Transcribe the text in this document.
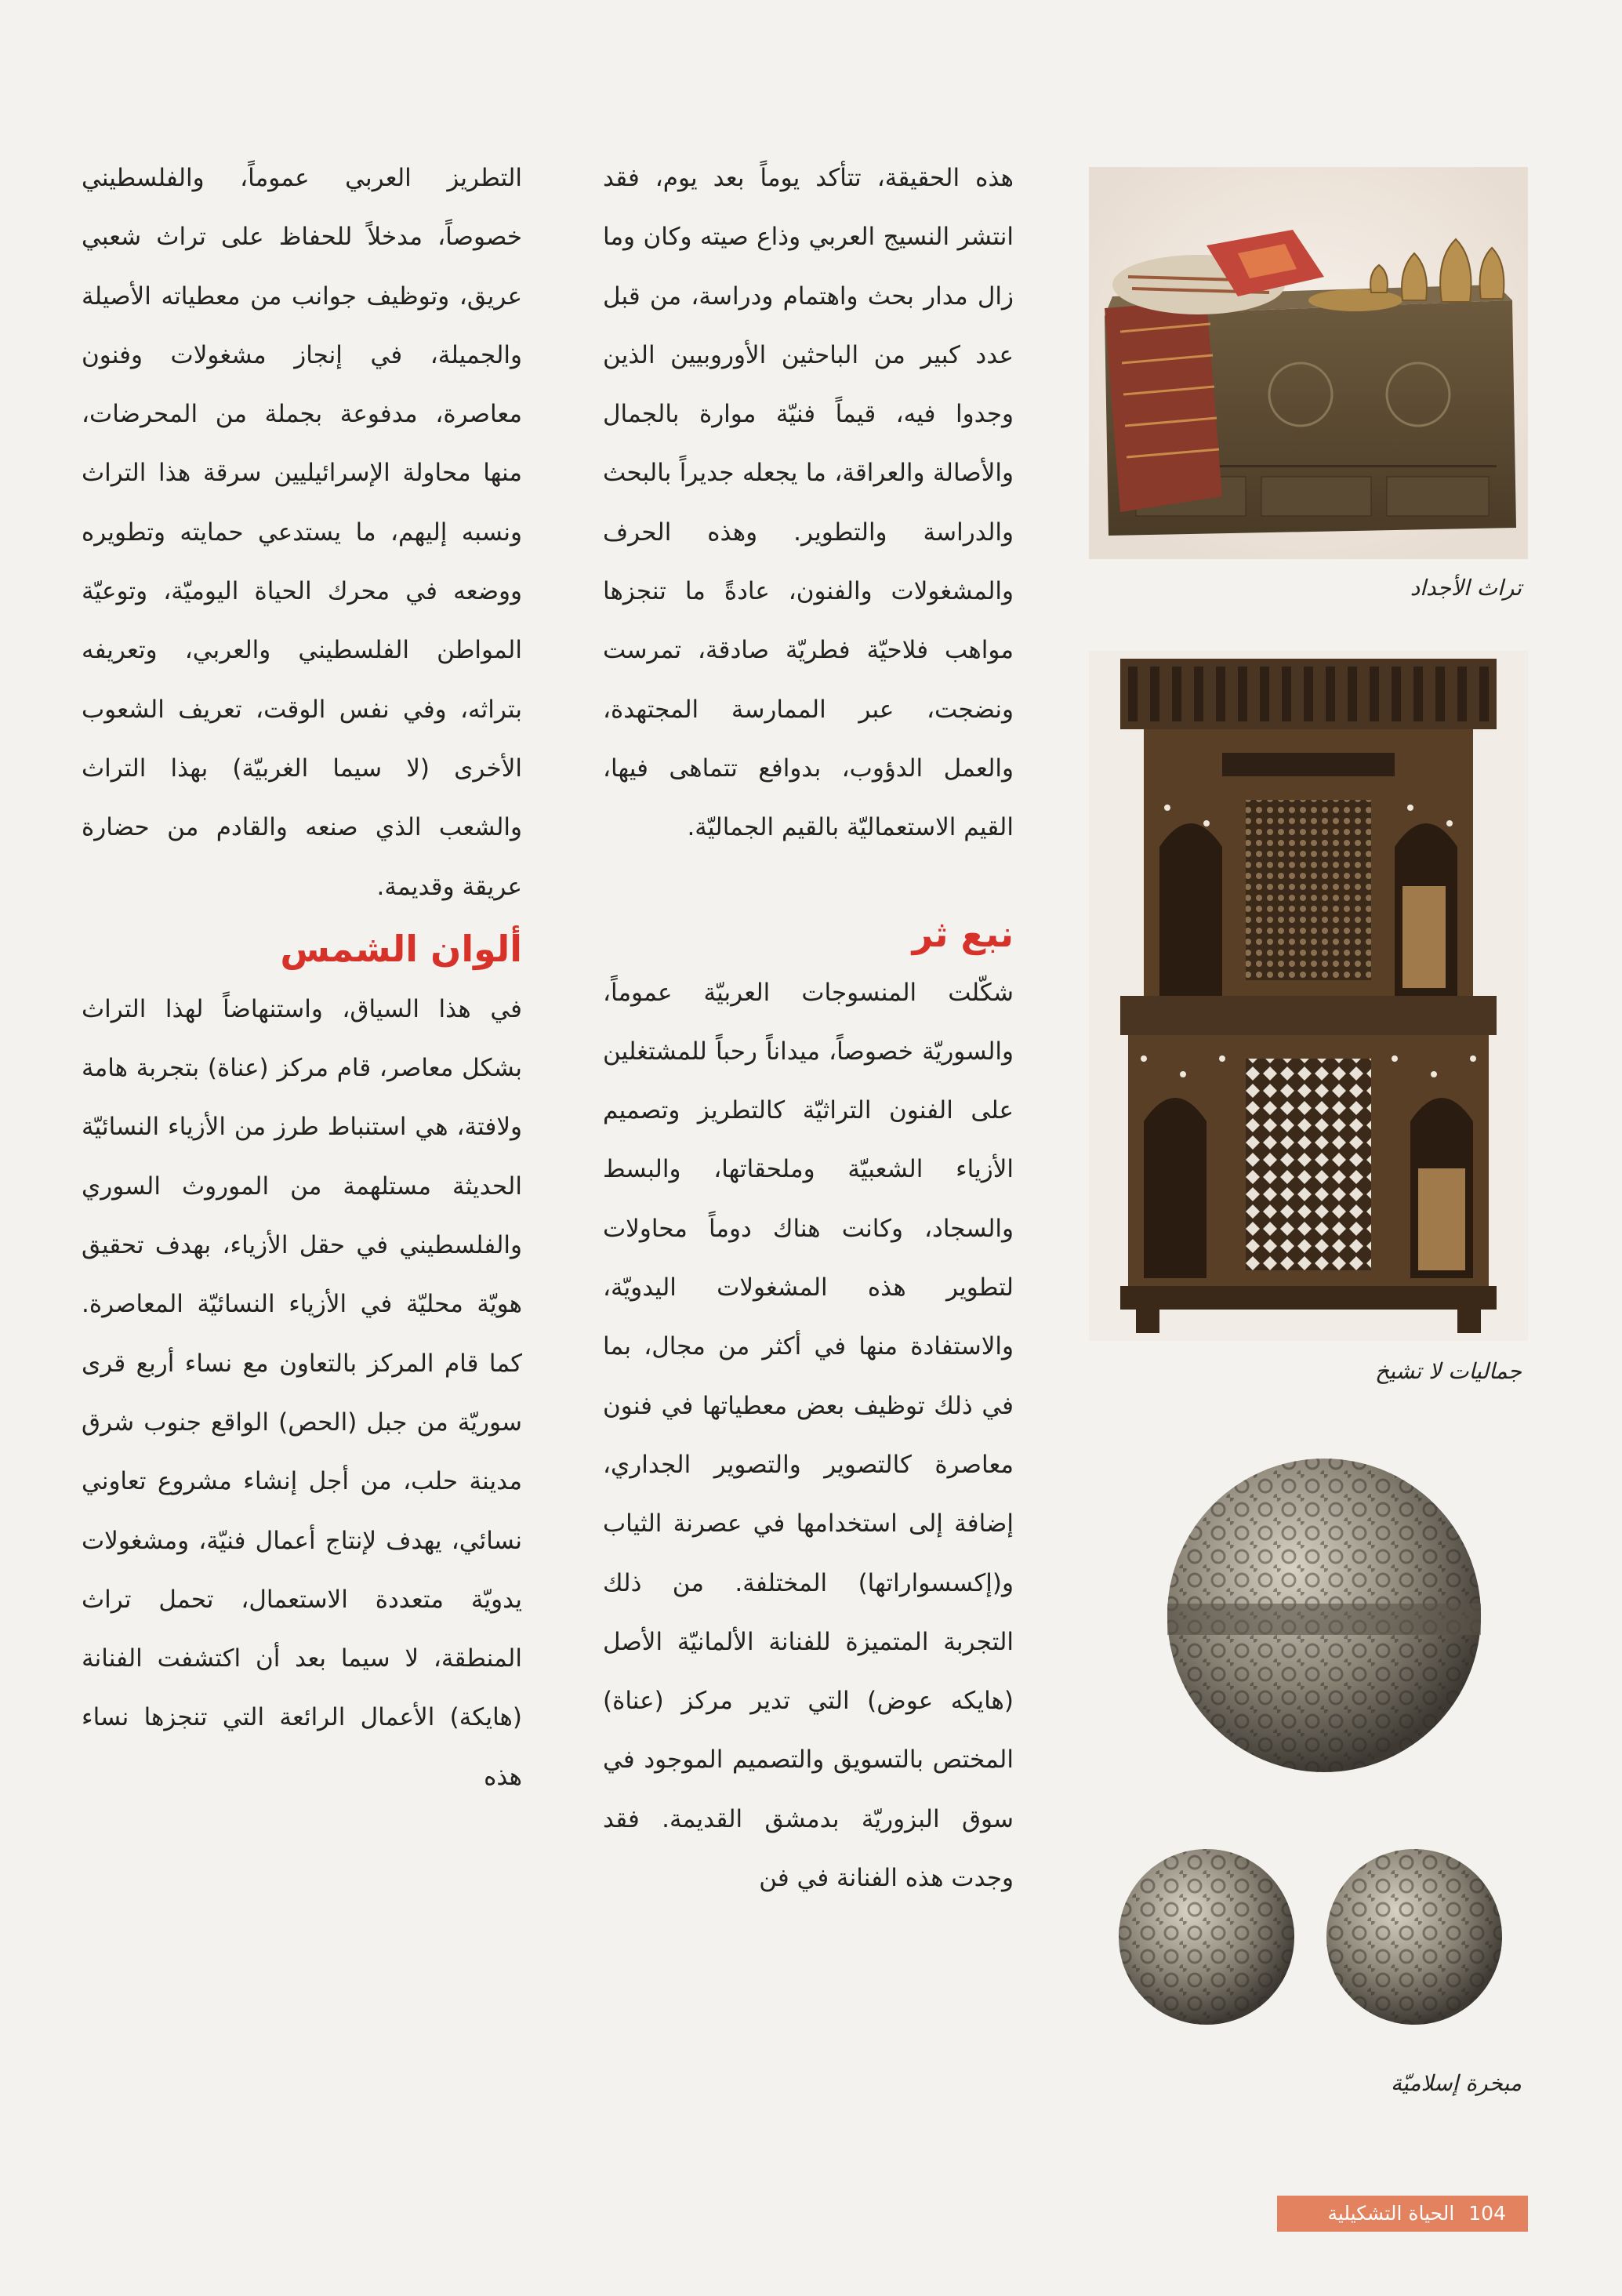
تراث الأجداد
جماليات لا تشيخ
مبخرة إسلاميّة

هذه الحقيقة، تتأكد يوماً بعد يوم، فقد انتشر النسيج العربي وذاع صيته وكان وما زال مدار بحث واهتمام ودراسة، من قبل عدد كبير من الباحثين الأوروبيين الذين وجدوا فيه، قيماً فنيّة موارة بالجمال والأصالة والعراقة، ما يجعله جديراً بالبحث والدراسة والتطوير. وهذه الحرف والمشغولات والفنون، عادةً ما تنجزها مواهب فلاحيّة فطريّة صادقة، تمرست ونضجت، عبر الممارسة المجتهدة، والعمل الدؤوب، بدوافع تتماهى فيها، القيم الاستعماليّة بالقيم الجماليّة.

نبع ثر

شكّلت المنسوجات العربيّة عموماً، والسوريّة خصوصاً، ميداناً رحباً للمشتغلين على الفنون التراثيّة كالتطريز وتصميم الأزياء الشعبيّة وملحقاتها، والبسط والسجاد، وكانت هناك دوماً محاولات لتطوير هذه المشغولات اليدويّة، والاستفادة منها في أكثر من مجال، بما في ذلك توظيف بعض معطياتها في فنون معاصرة كالتصوير والتصوير الجداري، إضافة إلى استخدامها في عصرنة الثياب و(إكسسواراتها) المختلفة. من ذلك التجربة المتميزة للفنانة الألمانيّة الأصل (هايكه عوض) التي تدير مركز (عناة) المختص بالتسويق والتصميم الموجود في سوق البزوريّة بدمشق القديمة. فقد وجدت هذه الفنانة في فن

التطريز العربي عموماً، والفلسطيني خصوصاً، مدخلاً للحفاظ على تراث شعبي عريق، وتوظيف جوانب من معطياته الأصيلة والجميلة، في إنجاز مشغولات وفنون معاصرة، مدفوعة بجملة من المحرضات، منها محاولة الإسرائيليين سرقة هذا التراث ونسبه إليهم، ما يستدعي حمايته وتطويره ووضعه في محرك الحياة اليوميّة، وتوعيّة المواطن الفلسطيني والعربي، وتعريفه بتراثه، وفي نفس الوقت، تعريف الشعوب الأخرى (لا سيما الغربيّة) بهذا التراث والشعب الذي صنعه والقادم من حضارة عريقة وقديمة.

ألوان الشمس

في هذا السياق، واستنهاضاً لهذا التراث بشكل معاصر، قام مركز (عناة) بتجربة هامة ولافتة، هي استنباط طرز من الأزياء النسائيّة الحديثة مستلهمة من الموروث السوري والفلسطيني في حقل الأزياء، بهدف تحقيق هويّة محليّة في الأزياء النسائيّة المعاصرة. كما قام المركز بالتعاون مع نساء أربع قرى سوريّة من جبل (الحص) الواقع جنوب شرق مدينة حلب، من أجل إنشاء مشروع تعاوني نسائي، يهدف لإنتاج أعمال فنيّة، ومشغولات يدويّة متعددة الاستعمال، تحمل تراث المنطقة، لا سيما بعد أن اكتشفت الفنانة (هايكة) الأعمال الرائعة التي تنجزها نساء هذه

104 الحياة التشكيلية
